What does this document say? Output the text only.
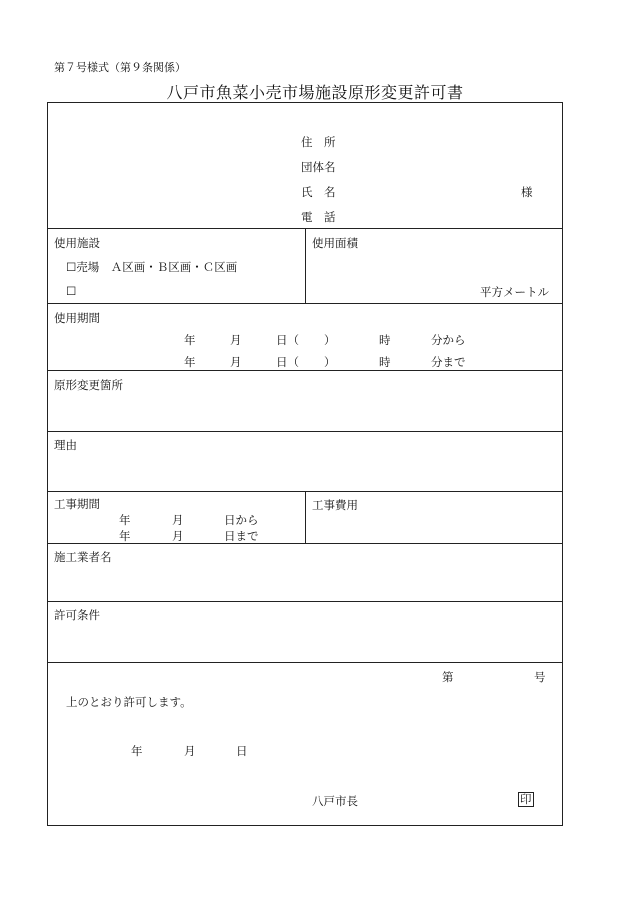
第７号様式（第９条関係）
八戸市魚菜小売市場施設原形変更許可書
住　所
団体名
氏　名	様
電　話
使用施設
☐売場　Ａ区画・Ｂ区画・Ｃ区画
☐
使用面積
平方メートル
使用期間
年	月	日（ ）	時	分から
年	月	日（ ）	時	分まで
原形変更箇所
理由
工事期間
年	月	日から
年	月	日まで
工事費用
施工業者名
許可条件
第	号
上のとおり許可します。
年	月	日
八戸市長	印
